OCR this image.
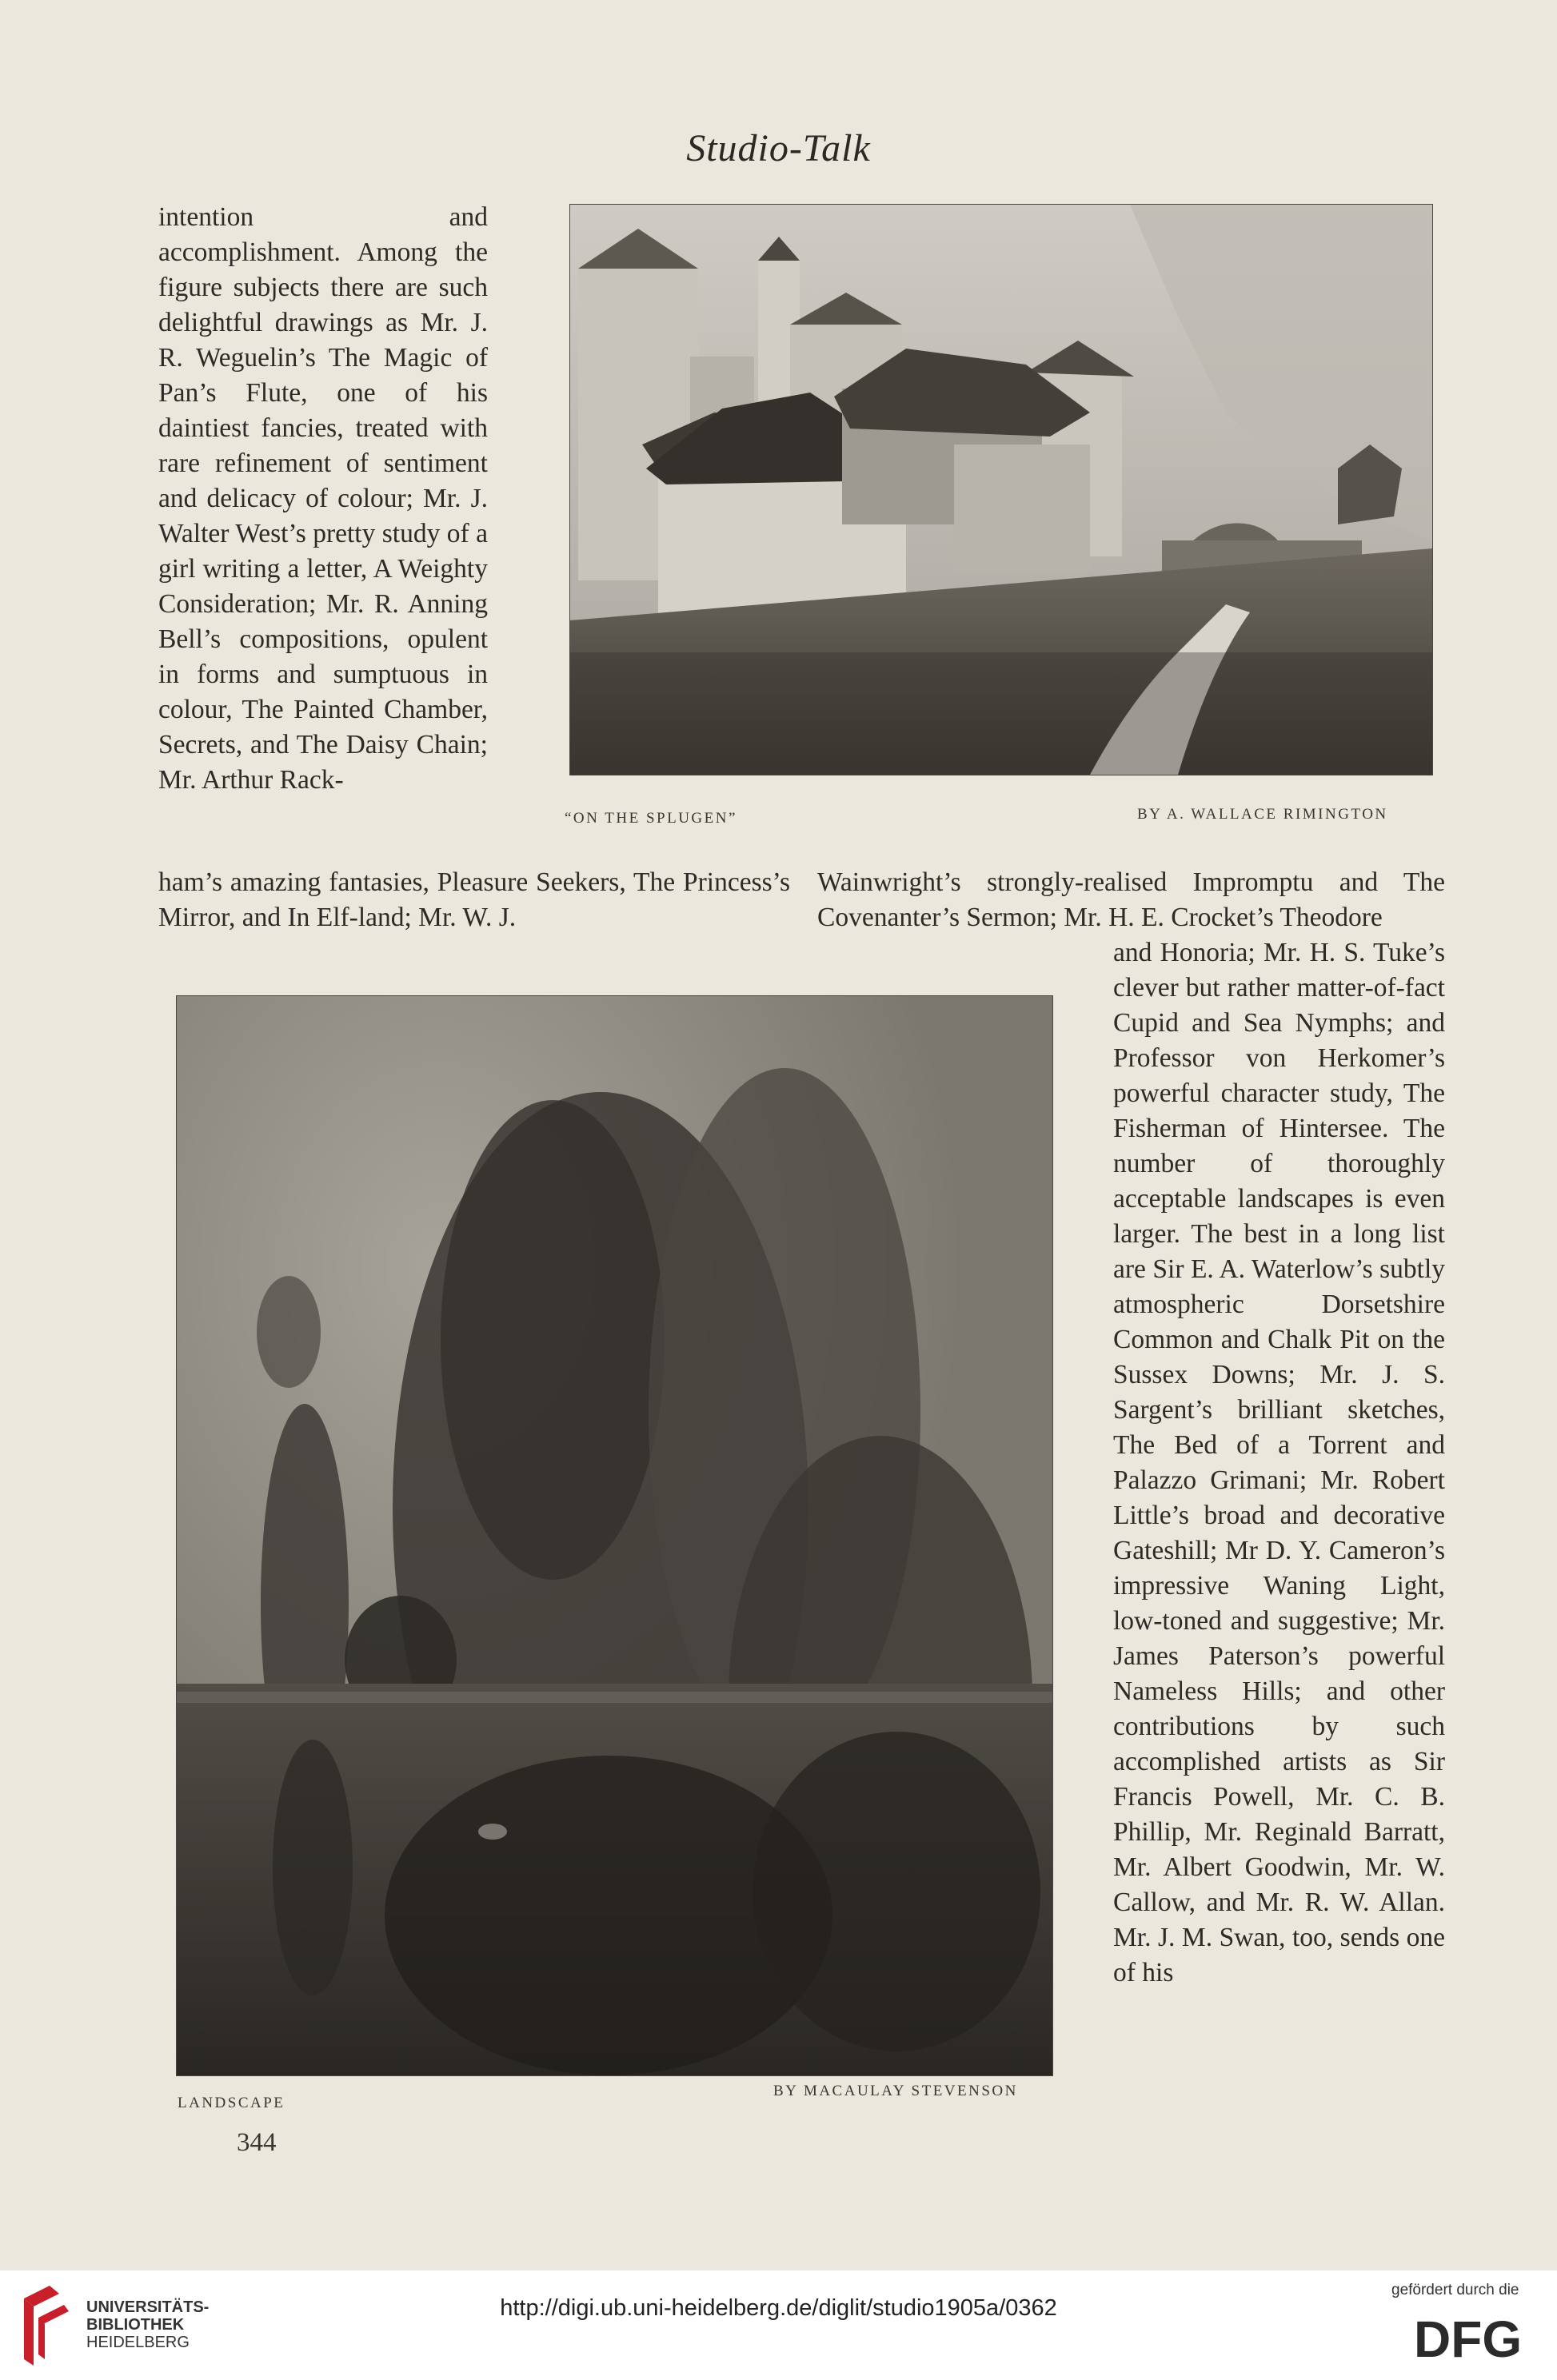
Studio-Talk

intention and accomplishment. Among the figure subjects there are such delightful drawings as Mr. J. R. Weguelin’s The Magic of Pan’s Flute, one of his daintiest fancies, treated with rare refinement of sentiment and delicacy of colour; Mr. J. Walter West’s pretty study of a girl writing a letter, A Weighty Consideration; Mr. R. Anning Bell’s compositions, opulent in forms and sumptuous in colour, The Painted Chamber, Secrets, and The Daisy Chain; Mr. Arthur Rack-

“ON THE SPLUGEN”	BY A. WALLACE RIMINGTON

ham’s amazing fantasies, Pleasure Seekers, The Princess’s Mirror, and In Elf-land; Mr. W. J.

Wainwright’s strongly-realised Impromptu and The Covenanter’s Sermon; Mr. H. E. Crocket’s Theodore

and Honoria; Mr. H. S. Tuke’s clever but rather matter-of-fact Cupid and Sea Nymphs; and Professor von Herkomer’s powerful character study, The Fisherman of Hintersee. The number of thoroughly acceptable landscapes is even larger. The best in a long list are Sir E. A. Waterlow’s subtly atmospheric Dorsetshire Common and Chalk Pit on the Sussex Downs; Mr. J. S. Sargent’s brilliant sketches, The Bed of a Torrent and Palazzo Grimani; Mr. Robert Little’s broad and decorative Gateshill; Mr D. Y. Cameron’s impressive Waning Light, low-toned and suggestive; Mr. James Paterson’s powerful Nameless Hills; and other contributions by such accomplished artists as Sir Francis Powell, Mr. C. B. Phillip, Mr. Reginald Barratt, Mr. Albert Goodwin, Mr. W. Callow, and Mr. R. W. Allan. Mr. J. M. Swan, too, sends one of his

LANDSCAPE
BY MACAULAY STEVENSON
344
UNIVERSITÄTS-
BIBLIOTHEK
HEIDELBERG
http://digi.ub.uni-heidelberg.de/diglit/studio1905a/0362
gefördert durch die
DFG
